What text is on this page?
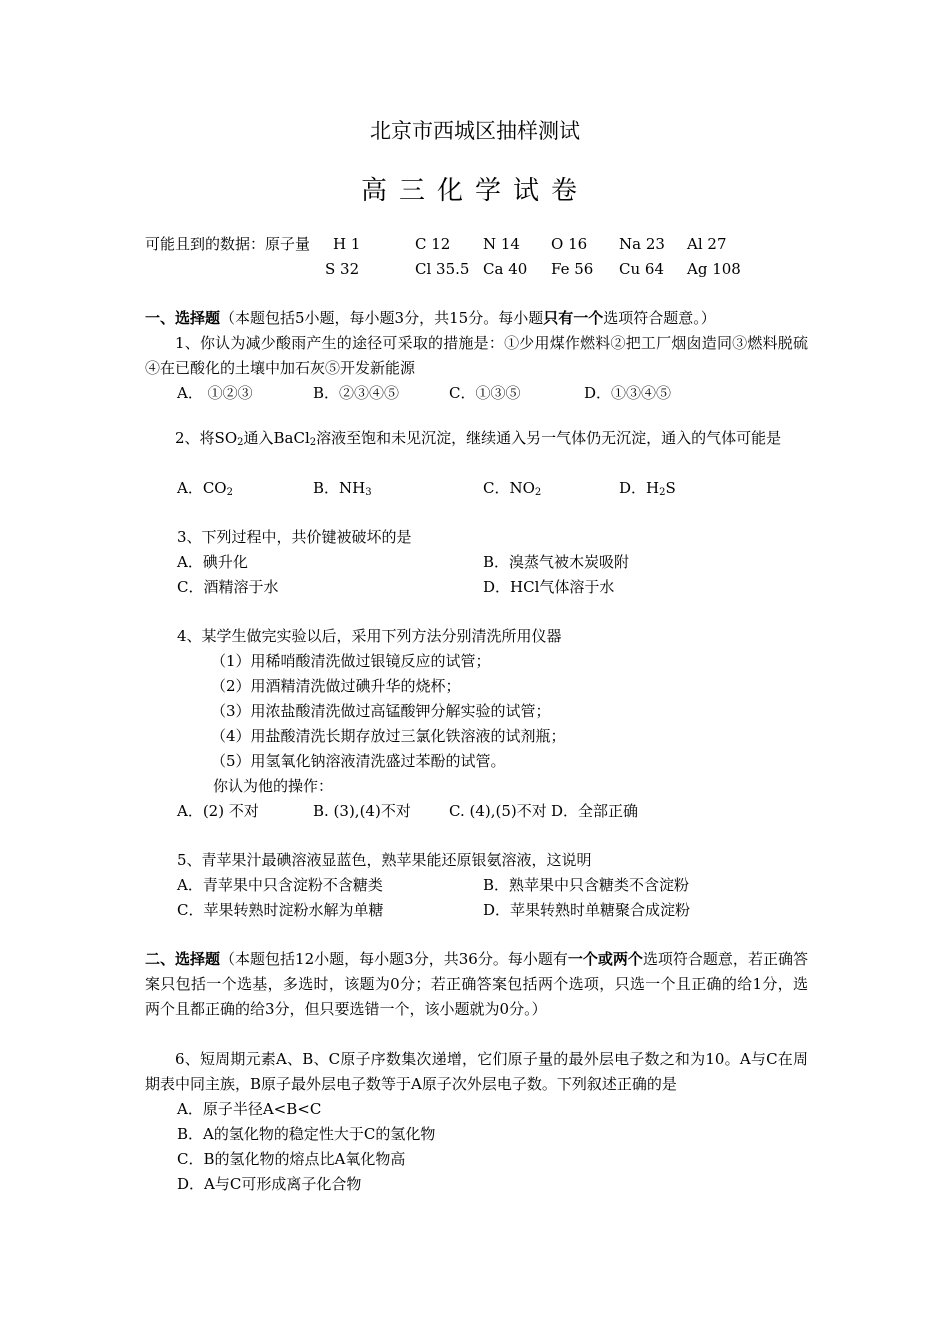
北京市西城区抽样测试
高三化学试卷
可能且到的数据：原子量 H 1	C 12 N 14 O 16 Na 23 Al 27
S 32	Cl 35.5 Ca 40 Fe 56 Cu 64 Ag 108
一、选择题（本题包括5小题，每小题3分，共15分。每小题只有一个选项符合题意。）
1、你认为减少酸雨产生的途径可采取的措施是：①少用煤作燃料②把工厂烟囱造同③燃料脱硫④在已酸化的土壤中加石灰⑤开发新能源
A． ①②③	B．②③④⑤	C．①③⑤	D．①③④⑤
2、将$SO_2$通入BaCl$_2$溶液至饱和未见沉淀，继续通入另一气体仍无沉淀，通入的气体可能是
A．$CO_2$	B．$NH_3$	C．$NO_2$	D．$H_2S$
3、下列过程中，共价键被破坏的是
A．碘升化	B．溴蒸气被木炭吸附
C．酒精溶于水	D．HCl气体溶于水
4、某学生做完实验以后，采用下列方法分别清洗所用仪器
（1）用稀哨酸清洗做过银镜反应的试管；
（2）用酒精清洗做过碘升华的烧杯；
（3）用浓盐酸清洗做过高锰酸钾分解实验的试管；
（4）用盐酸清洗长期存放过三氯化铁溶液的试剂瓶；
（5）用氢氧化钠溶液清洗盛过苯酚的试管。
你认为他的操作：
A．(2) 不对	B. (3),(4)不对	C. (4),(5)不对 D．全部正确
5、青苹果汁最碘溶液显蓝色，熟苹果能还原银氨溶液，这说明
A．青苹果中只含淀粉不含糖类	B．熟苹果中只含糖类不含淀粉
C．苹果转熟时淀粉水解为单糖	D．苹果转熟时单糖聚合成淀粉
二、选择题（本题包括12小题，每小题3分，共36分。每小题有一个或两个选项符合题意，若正确答案只包括一个选基，多选时，该题为0分；若正确答案包括两个选项，只选一个且正确的给1分，选两个且都正确的给3分，但只要选错一个，该小题就为0分。）
6、短周期元素A、B、C原子序数集次递增，它们原子量的最外层电子数之和为10。A与C在周期表中同主族，B原子最外层电子数等于A原子次外层电子数。下列叙述正确的是
A．原子半径A<B<C
B．A的氢化物的稳定性大于C的氢化物
C．B的氢化物的熔点比A氧化物高
D．A与C可形成离子化合物
